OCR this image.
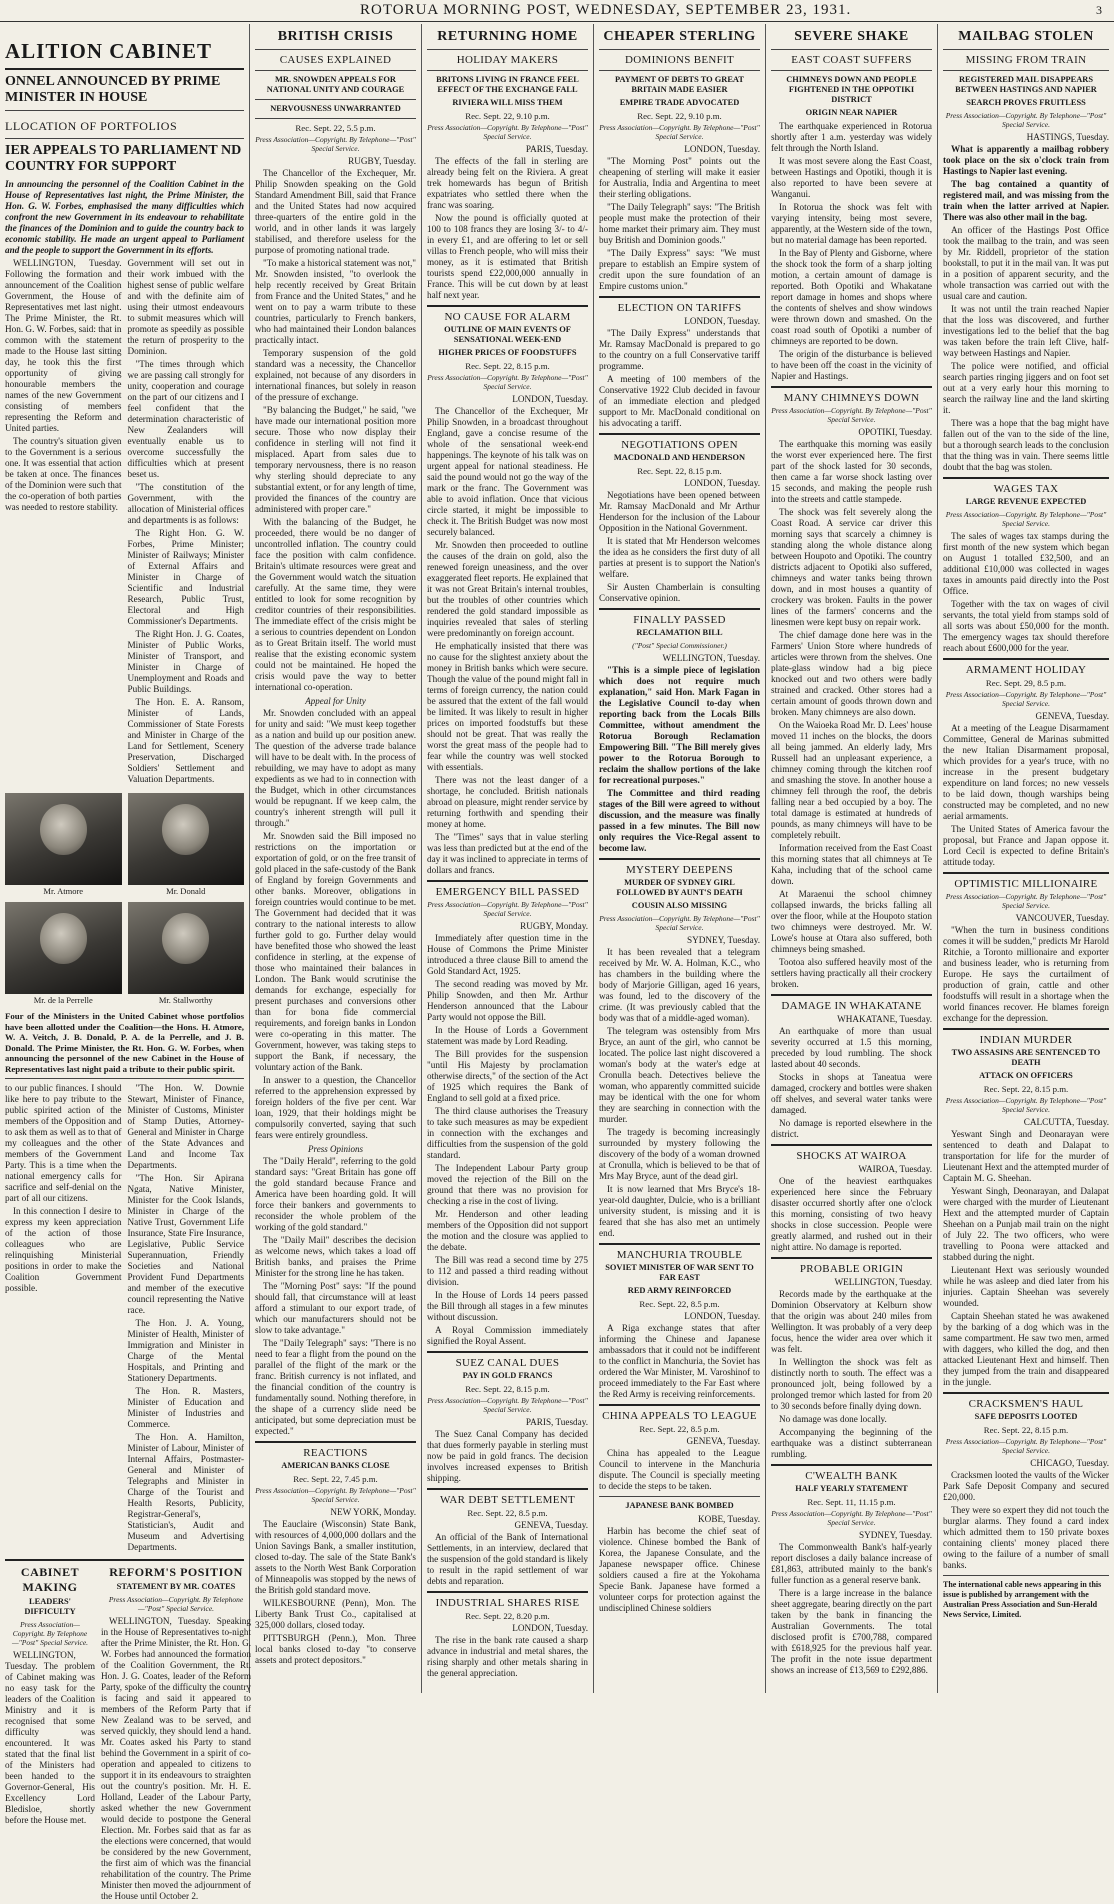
ROTORUA MORNING POST, WEDNESDAY, SEPTEMBER 23, 1931.	3
ALITION CABINET
ONNEL ANNOUNCED BY PRIME MINISTER IN HOUSE
LLOCATION OF PORTFOLIOS
IER APPEALS TO PARLIAMENT ND COUNTRY FOR SUPPORT

In announcing the personnel of the Coalition Cabinet in the House of Representatives last night, the Prime Minister, the Hon. G. W. Forbes, emphasised the many difficulties which confront the new Government in its endeavour to rehabilitate the finances of the Dominion and to guide the country back to economic stability. He made an urgent appeal to Parliament and the people to support the Government in its efforts.

WELLINGTON, Tuesday. Following the formation and announcement of the Coalition Government, the House of Representatives met last night. The Prime Minister, the Rt. Hon. G. W. Forbes, said: that in common with the statement made to the House last sitting day, he took this the first opportunity of giving honourable members the names of the new Government consisting of members representing the Reform and United parties.

The country's situation given to the Government is a serious one. It was essential that action be taken at once. The finances of the Dominion were such that the co-operation of both parties was needed to restore stability.

Government will set out in their work imbued with the highest sense of public welfare and with the definite aim of using their utmost endeavours to submit measures which will promote as speedily as possible the return of prosperity to the Dominion.

"The times through which we are passing call strongly for unity, cooperation and courage on the part of our citizens and I feel confident that the determination characteristic of New Zealanders will eventually enable us to overcome successfully the difficulties which at present beset us.

"The constitution of the Government, with the allocation of Ministerial offices and departments is as follows:

The Right Hon. G. W. Forbes, Prime Minister; Minister of Railways; Minister of External Affairs and Minister in Charge of Scientific and Industrial Research, Public Trust, Electoral and High Commissioner's Departments.

The Right Hon. J. G. Coates, Minister of Public Works, Minister of Transport, and Minister in Charge of Unemployment and Roads and Public Buildings.

The Hon. E. A. Ransom, Minister of Lands, Commissioner of State Forests and Minister in Charge of the Land for Settlement, Scenery Preservation, Discharged Soldiers' Settlement and Valuation Departments.

Mr. Atmore	Mr. Donald
Mr. de la Perrelle	Mr. Stallworthy
Four of the Ministers in the United Cabinet whose portfolios have been allotted under the Coalition—the Hons. H. Atmore, W. A. Veitch, J. B. Donald, P. A. de la Perrelle, and J. B. Donald. The Prime Minister, the Rt. Hon. G. W. Forbes, when announcing the personnel of the new Cabinet in the House of Representatives last night paid a tribute to their public spirit.

to our public finances. I should like here to pay tribute to the public spirited action of the members of the Opposition and to ask them as well as to that of my colleagues and the other members of the Government Party. This is a time when the national emergency calls for sacrifice and self-denial on the part of all our citizens.

In this connection I desire to express my keen appreciation of the action of those colleagues who are relinquishing Ministerial positions in order to make the Coalition Government possible.

"The Hon. W. Downie Stewart, Minister of Finance, Minister of Customs, Minister of Stamp Duties, Attorney-General and Minister in Charge of the State Advances and Land and Income Tax Departments.

"The Hon. Sir Apirana Ngata, Native Minister, Minister for the Cook Islands, Minister in Charge of the Native Trust, Government Life Insurance, State Fire Insurance, Legislative, Public Service Superannuation, Friendly Societies and National Provident Fund Departments and member of the executive council representing the Native race.

The Hon. J. A. Young, Minister of Health, Minister of Immigration and Minister in Charge of the Mental Hospitals, and Printing and Stationery Departments.

The Hon. R. Masters, Minister of Education and Minister of Industries and Commerce.

The Hon. A. Hamilton, Minister of Labour, Minister of Internal Affairs, Postmaster-General and Minister of Telegraphs and Minister in Charge of the Tourist and Health Resorts, Publicity, Registrar-General's, Statistician's, Audit and Museum and Advertising Departments.

CABINET MAKING
LEADERS' DIFFICULTY
Press Association—Copyright. By Telephone—"Post" Special Service.

WELLINGTON, Tuesday. The problem of Cabinet making was no easy task for the leaders of the Coalition Ministry and it is recognised that some difficulty was encountered. It was stated that the final list of the Ministers had been handed to the Governor-General, His Excellency Lord Bledisloe, shortly before the House met.

REFORM'S POSITION
STATEMENT BY MR. COATES
Press Association—Copyright. By Telephone—"Post" Special Service.

WELLINGTON, Tuesday. Speaking in the House of Representatives to-night after the Prime Minister, the Rt. Hon. G. W. Forbes had announced the formation of the Coalition Government, the Rt. Hon. J. G. Coates, leader of the Reform Party, spoke of the difficulty the country is facing and said it appeared to members of the Reform Party that if New Zealand was to be served, and served quickly, they should lend a hand. Mr. Coates asked his Party to stand behind the Government in a spirit of co-operation and appealed to citizens to support it in its endeavours to straighten out the country's position. Mr. H. E. Holland, Leader of the Labour Party, asked whether the new Government would decide to postpone the General Election. Mr. Forbes said that as far as the elections were concerned, that would be considered by the new Government, the first aim of which was the financial rehabilitation of the country. The Prime Minister then moved the adjournment of the House until October 2.

BRITISH CRISIS
CAUSES EXPLAINED
MR. SNOWDEN APPEALS FOR NATIONAL UNITY AND COURAGE
NERVOUSNESS UNWARRANTED
Rec. Sept. 22, 5.5 p.m.
Press Association—Copyright. By Telephone—"Post" Special Service.
RUGBY, Tuesday.

The Chancellor of the Exchequer, Mr. Philip Snowden speaking on the Gold Standard Amendment Bill, said that France and the United States had now acquired three-quarters of the entire gold in the world, and in other lands it was largely stabilised, and therefore useless for the purpose of promoting national trade.

"To make a historical statement was not," Mr. Snowden insisted, "to overlook the help recently received by Great Britain from France and the United States," and he went on to pay a warm tribute to these countries, particularly to French bankers, who had maintained their London balances practically intact.

Temporary suspension of the gold standard was a necessity, the Chancellor explained, not because of any disorders in international finances, but solely in reason of the pressure of exchange.

"By balancing the Budget," he said, "we have made our international position more secure. Those who now display their confidence in sterling will not find it misplaced. Apart from sales due to temporary nervousness, there is no reason why sterling should depreciate to any substantial extent, or for any length of time, provided the finances of the country are administered with proper care."

With the balancing of the Budget, he proceeded, there would be no danger of uncontrolled inflation. The country could face the position with calm confidence. Britain's ultimate resources were great and the Government would watch the situation carefully. At the same time, they were entitled to look for some recognition by creditor countries of their responsibilities. The immediate effect of the crisis might be a serious to countries dependent on London as to Great Britain itself. The world must realise that the existing economic system could not be maintained. He hoped the crisis would pave the way to better international co-operation.

Appeal for Unity

Mr. Snowden concluded with an appeal for unity and said: "We must keep together as a nation and build up our position anew. The question of the adverse trade balance will have to be dealt with. In the process of rebuilding, we may have to adopt as many expedients as we had to in connection with the Budget, which in other circumstances would be repugnant. If we keep calm, the country's inherent strength will pull it through."

Mr. Snowden said the Bill imposed no restrictions on the importation or exportation of gold, or on the free transit of gold placed in the safe-custody of the Bank of England by foreign Governments and other banks. Moreover, obligations in foreign countries would continue to be met. The Government had decided that it was contrary to the national interests to allow further gold to go. Further delay would have benefited those who showed the least confidence in sterling, at the expense of those who maintained their balances in London. The Bank would scrutinise the demands for exchange, especially for present purchases and conversions other than for bona fide commercial requirements, and foreign banks in London were co-operating in this matter. The Government, however, was taking steps to support the Bank, if necessary, the voluntary action of the Bank.

In answer to a question, the Chancellor referred to the apprehension expressed by foreign holders of the five per cent. War loan, 1929, that their holdings might be compulsorily converted, saying that such fears were entirely groundless.

Press Opinions

The "Daily Herald", referring to the gold standard says: "Great Britain has gone off the gold standard because France and America have been hoarding gold. It will force their bankers and governments to reconsider the whole problem of the working of the gold standard."

The "Daily Mail" describes the decision as welcome news, which takes a load off British banks, and praises the Prime Minister for the strong line he has taken.

The "Morning Post" says: "If the pound should fall, that circumstance will at least afford a stimulant to our export trade, of which our manufacturers should not be slow to take advantage."

The "Daily Telegraph" says: "There is no need to fear a flight from the pound on the parallel of the flight of the mark or the franc. British currency is not inflated, and the financial condition of the country is fundamentally sound. Nothing therefore, in the shape of a currency slide need be anticipated, but some depreciation must be expected."

REACTIONS
AMERICAN BANKS CLOSE
Rec. Sept. 22, 7.45 p.m.
Press Association—Copyright. By Telephone—"Post" Special Service.
NEW YORK, Monday.

The Eauclaire (Wisconsin) State Bank, with resources of 4,000,000 dollars and the Union Savings Bank, a smaller institution, closed to-day. The sale of the State Bank's assets to the North West Bank Corporation of Minneapolis was stopped by the news of the British gold standard move.

WILKESBOURNE (Penn), Mon. The Liberty Bank Trust Co., capitalised at 325,000 dollars, closed today.

PITTSBURGH (Penn.), Mon. Three local banks closed to-day "to conserve assets and protect depositors."

RETURNING HOME
HOLIDAY MAKERS
BRITONS LIVING IN FRANCE FEEL EFFECT OF THE EXCHANGE FALL
RIVIERA WILL MISS THEM
Rec. Sept. 22, 9.10 p.m.
Press Association—Copyright. By Telephone—"Post" Special Service.
PARIS, Tuesday.

The effects of the fall in sterling are already being felt on the Riviera. A great trek homewards has begun of British expatriates who settled there when the franc was soaring.

Now the pound is officially quoted at 100 to 108 francs they are losing 3/- to 4/- in every £1, and are offering to let or sell villas to French people, who will miss their money, as it is estimated that British tourists spend £22,000,000 annually in France. This will be cut down by at least half next year.

NO CAUSE FOR ALARM
OUTLINE OF MAIN EVENTS OF SENSATIONAL WEEK-END
HIGHER PRICES OF FOODSTUFFS
Rec. Sept. 22, 8.15 p.m.
Press Association—Copyright. By Telephone—"Post" Special Service.
LONDON, Tuesday.

The Chancellor of the Exchequer, Mr Philip Snowden, in a broadcast throughout England, gave a concise resume of the whole of the sensational week-end happenings. The keynote of his talk was on urgent appeal for national steadiness. He said the pound would not go the way of the mark or the franc. The Government was able to avoid inflation. Once that vicious circle started, it might be impossible to check it. The British Budget was now most securely balanced.

Mr. Snowden then proceeded to outline the causes of the drain on gold, also the renewed foreign uneasiness, and the over exaggerated fleet reports. He explained that it was not Great Britain's internal troubles, but the troubles of other countries which rendered the gold standard impossible as inquiries revealed that sales of sterling were predominantly on foreign account.

He emphatically insisted that there was no cause for the slightest anxiety about the money in British banks which were secure. Though the value of the pound might fall in terms of foreign currency, the nation could be assured that the extent of the fall would be limited. It was likely to result in higher prices on imported foodstuffs but these should not be great. That was really the worst the great mass of the people had to fear while the country was well stocked with essentials.

There was not the least danger of a shortage, he concluded. British nationals abroad on pleasure, might render service by returning forthwith and spending their money at home.

The "Times" says that in value sterling was less than predicted but at the end of the day it was inclined to appreciate in terms of dollars and francs.

EMERGENCY BILL PASSED
Press Association—Copyright. By Telephone—"Post" Special Service.
RUGBY, Monday.

Immediately after question time in the House of Commons the Prime Minister introduced a three clause Bill to amend the Gold Standard Act, 1925.

The second reading was moved by Mr. Philip Snowden, and then Mr. Arthur Henderson announced that the Labour Party would not oppose the Bill.

In the House of Lords a Government statement was made by Lord Reading.

The Bill provides for the suspension "until His Majesty by proclamation otherwise directs," of the section of the Act of 1925 which requires the Bank of England to sell gold at a fixed price.

The third clause authorises the Treasury to take such measures as may be expedient in connection with the exchanges and difficulties from the suspension of the gold standard.

The Independent Labour Party group moved the rejection of the Bill on the ground that there was no provision for checking a rise in the cost of living.

Mr. Henderson and other leading members of the Opposition did not support the motion and the closure was applied to the debate.

The Bill was read a second time by 275 to 112 and passed a third reading without division.

In the House of Lords 14 peers passed the Bill through all stages in a few minutes without discussion.

A Royal Commission immediately signified the Royal Assent.

SUEZ CANAL DUES
PAY IN GOLD FRANCS
Rec. Sept. 22, 8.15 p.m.
Press Association—Copyright. By Telephone—"Post" Special Service.
PARIS, Tuesday.

The Suez Canal Company has decided that dues formerly payable in sterling must now be paid in gold francs. The decision involves increased expenses to British shipping.

WAR DEBT SETTLEMENT
Rec. Sept. 22, 8.5 p.m.
GENEVA, Tuesday.

An official of the Bank of International Settlements, in an interview, declared that the suspension of the gold standard is likely to result in the rapid settlement of war debts and reparation.

INDUSTRIAL SHARES RISE
Rec. Sept. 22, 8.20 p.m.
LONDON, Tuesday.

The rise in the bank rate caused a sharp advance in industrial and metal shares, the rising sharply and other metals sharing in the general appreciation.

CHEAPER STERLING
DOMINIONS BENFIT
PAYMENT OF DEBTS TO GREAT BRITAIN MADE EASIER
EMPIRE TRADE ADVOCATED
Rec. Sept. 22, 9.10 p.m.
Press Association—Copyright. By Telephone—"Post" Special Service.
LONDON, Tuesday.

"The Morning Post" points out the cheapening of sterling will make it easier for Australia, India and Argentina to meet their sterling obligations.

"The Daily Telegraph" says: "The British people must make the protection of their home market their primary aim. They must buy British and Dominion goods."

"The Daily Express" says: "We must prepare to establish an Empire system of credit upon the sure foundation of an Empire customs union."

ELECTION ON TARIFFS
LONDON, Tuesday.

"The Daily Express" understands that Mr. Ramsay MacDonald is prepared to go to the country on a full Conservative tariff programme.

A meeting of 100 members of the Conservative 1922 Club decided in favour of an immediate election and pledged support to Mr. MacDonald conditional on his advocating a tariff.

NEGOTIATIONS OPEN
MACDONALD AND HENDERSON
Rec. Sept. 22, 8.15 p.m.
LONDON, Tuesday.

Negotiations have been opened between Mr. Ramsay MacDonald and Mr Arthur Henderson for the inclusion of the Labour Opposition in the National Government.

It is stated that Mr Henderson welcomes the idea as he considers the first duty of all parties at present is to support the Nation's welfare.

Sir Austen Chamberlain is consulting Conservative opinion.

FINALLY PASSED
RECLAMATION BILL
("Post" Special Commissioner.)
WELLINGTON, Tuesday.

"This is a simple piece of legislation which does not require much explanation," said Hon. Mark Fagan in the Legislative Council to-day when reporting back from the Locals Bills Committee, without amendment the Rotorua Borough Reclamation Empowering Bill. "The Bill merely gives power to the Rotorua Borough to reclaim the shallow portions of the lake for recreational purposes."

The Committee and third reading stages of the Bill were agreed to without discussion, and the measure was finally passed in a few minutes. The Bill now only requires the Vice-Regal assent to become law.

MYSTERY DEEPENS
MURDER OF SYDNEY GIRL FOLLOWED BY AUNT'S DEATH
COUSIN ALSO MISSING
Press Association—Copyright. By Telephone—"Post" Special Service.
SYDNEY, Tuesday.

It has been revealed that a telegram received by Mr. W. A. Holman, K.C., who has chambers in the building where the body of Marjorie Gilligan, aged 16 years, was found, led to the discovery of the crime. (It was previously cabled that the body was that of a middle-aged woman).

The telegram was ostensibly from Mrs Bryce, an aunt of the girl, who cannot be located. The police last night discovered a woman's body at the water's edge at Cronulla beach. Detectives believe the woman, who apparently committed suicide may be identical with the one for whom they are searching in connection with the murder.

The tragedy is becoming increasingly surrounded by mystery following the discovery of the body of a woman drowned at Cronulla, which is believed to be that of Mrs May Bryce, aunt of the dead girl.

It is now learned that Mrs Bryce's 18-year-old daughter, Dulcie, who is a brilliant university student, is missing and it is feared that she has also met an untimely end.

MANCHURIA TROUBLE
SOVIET MINISTER OF WAR SENT TO FAR EAST
RED ARMY REINFORCED
Rec. Sept. 22, 8.5 p.m.
LONDON, Tuesday.

A Riga exchange states that after informing the Chinese and Japanese ambassadors that it could not be indifferent to the conflict in Manchuria, the Soviet has ordered the War Minister, M. Varoshinof to proceed immediately to the Far East where the Red Army is receiving reinforcements.

CHINA APPEALS TO LEAGUE
Rec. Sept. 22, 8.5 p.m.
GENEVA, Tuesday.

China has appealed to the League Council to intervene in the Manchuria dispute. The Council is specially meeting to decide the steps to be taken.

JAPANESE BANK BOMBED
KOBE, Tuesday.

Harbin has become the chief seat of violence. Chinese bombed the Bank of Korea, the Japanese Consulate, and the Japanese newspaper office. Chinese soldiers caused a fire at the Yokohama Specie Bank. Japanese have formed a volunteer corps for protection against the undisciplined Chinese soldiers

SEVERE SHAKE
EAST COAST SUFFERS
CHIMNEYS DOWN AND PEOPLE FIGHTENED IN THE OPPOTIKI DISTRICT
ORIGIN NEAR NAPIER

The earthquake experienced in Rotorua shortly after 1 a.m. yesterday was widely felt through the North Island.

It was most severe along the East Coast, between Hastings and Opotiki, though it is also reported to have been severe at Wanganui.

In Rotorua the shock was felt with varying intensity, being most severe, apparently, at the Western side of the town, but no material damage has been reported.

In the Bay of Plenty and Gisborne, where the shock took the form of a sharp jolting motion, a certain amount of damage is reported. Both Opotiki and Whakatane report damage in homes and shops where the contents of shelves and show windows were thrown down and smashed. On the coast road south of Opotiki a number of chimneys are reported to be down.

The origin of the disturbance is believed to have been off the coast in the vicinity of Napier and Hastings.

MANY CHIMNEYS DOWN
Press Association—Copyright. By Telephone—"Post" Special Service.
OPOTIKI, Tuesday.

The earthquake this morning was easily the worst ever experienced here. The first part of the shock lasted for 30 seconds, then came a far worse shock lasting over 15 seconds, and making the people rush into the streets and cattle stampede.

The shock was felt severely along the Coast Road. A service car driver this morning says that scarcely a chimney is standing along the whole distance along between Houpoto and Opotiki. The country districts adjacent to Opotiki also suffered, chimneys and water tanks being thrown down, and in most houses a quantity of crockery was broken. Faults in the power lines of the farmers' concerns and the linesmen were kept busy on repair work.

The chief damage done here was in the Farmers' Union Store where hundreds of articles were thrown from the shelves. One plate-glass window had a big piece knocked out and two others were badly strained and cracked. Other stores had a certain amount of goods thrown down and broken. Many chimneys are also down.

On the Waioeka Road Mr. D. Lees' house moved 11 inches on the blocks, the doors all being jammed. An elderly lady, Mrs Russell had an unpleasant experience, a chimney coming through the kitchen roof and smashing the stove. In another house a chimney fell through the roof, the debris falling near a bed occupied by a boy. The total damage is estimated at hundreds of pounds, as many chimneys will have to be completely rebuilt.

Information received from the East Coast this morning states that all chimneys at Te Kaha, including that of the school came down.

At Maraenui the school chimney collapsed inwards, the bricks falling all over the floor, while at the Houpoto station two chimneys were destroyed. Mr. W. Lowe's house at Otara also suffered, both chimneys being smashed.

Tootoa also suffered heavily most of the settlers having practically all their crockery broken.

DAMAGE IN WHAKATANE
WHAKATANE, Tuesday.

An earthquake of more than usual severity occurred at 1.5 this morning, preceded by loud rumbling. The shock lasted about 40 seconds.

Stocks in shops at Taneatua were damaged, crockery and bottles were shaken off shelves, and several water tanks were damaged.

No damage is reported elsewhere in the district.

SHOCKS AT WAIROA
WAIROA, Tuesday.

One of the heaviest earthquakes experienced here since the February disaster occurred shortly after one o'clock this morning, consisting of two heavy shocks in close succession. People were greatly alarmed, and rushed out in their night attire. No damage is reported.

PROBABLE ORIGIN
WELLINGTON, Tuesday.

Records made by the earthquake at the Dominion Observatory at Kelburn show that the origin was about 240 miles from Wellington. It was probably of a very deep focus, hence the wider area over which it was felt.

In Wellington the shock was felt as distinctly north to south. The effect was a pronounced jolt, being followed by a prolonged tremor which lasted for from 20 to 30 seconds before finally dying down.

No damage was done locally.

Accompanying the beginning of the earthquake was a distinct subterranean rumbling.

C'WEALTH BANK
HALF YEARLY STATEMENT
Rec. Sept. 11, 11.15 p.m.
Press Association—Copyright. By Telephone—"Post" Special Service.
SYDNEY, Tuesday.

The Commonwealth Bank's half-yearly report discloses a daily balance increase of £81,863, attributed mainly to the bank's fuller function as a general reserve bank.

There is a large increase in the balance sheet aggregate, bearing directly on the part taken by the bank in financing the Australian Governments. The total disclosed profit is £700,788, compared with £618,925 for the previous half year. The profit in the note issue department shows an increase of £13,569 to £292,886.

MAILBAG STOLEN
MISSING FROM TRAIN
REGISTERED MAIL DISAPPEARS BETWEEN HASTINGS AND NAPIER
SEARCH PROVES FRUITLESS
Press Association—Copyright. By Telephone—"Post" Special Service.
HASTINGS, Tuesday.

What is apparently a mailbag robbery took place on the six o'clock train from Hastings to Napier last evening.

The bag contained a quantity of registered mail, and was missing from the train when the latter arrived at Napier. There was also other mail in the bag.

An officer of the Hastings Post Office took the mailbag to the train, and was seen by Mr. Riddell, proprietor of the station bookstall, to put it in the mail van. It was put in a position of apparent security, and the whole transaction was carried out with the usual care and caution.

It was not until the train reached Napier that the loss was discovered, and further investigations led to the belief that the bag was taken before the train left Clive, half-way between Hastings and Napier.

The police were notified, and official search parties ringing jiggers and on foot set out at a very early hour this morning to search the railway line and the land skirting it.

There was a hope that the bag might have fallen out of the van to the side of the line, but a thorough search leads to the conclusion that the thing was in vain. There seems little doubt that the bag was stolen.

WAGES TAX
LARGE REVENUE EXPECTED
Press Association—Copyright. By Telephone—"Post" Special Service.

The sales of wages tax stamps during the first month of the new system which began on August 1 totalled £32,500, and an additional £10,000 was collected in wages taxes in amounts paid directly into the Post Office.

Together with the tax on wages of civil servants, the total yield from stamps sold of all sorts was about £50,000 for the month. The emergency wages tax should therefore reach about £600,000 for the year.

ARMAMENT HOLIDAY
Rec. Sept. 29, 8.5 p.m.
Press Association—Copyright. By Telephone—"Post" Special Service.
GENEVA, Tuesday.

At a meeting of the League Disarmament Committee, General de Marinas submitted the new Italian Disarmament proposal, which provides for a year's truce, with no increase in the present budgetary expenditure on land forces; no new vessels to be laid down, though warships being constructed may be completed, and no new aerial armaments.

The United States of America favour the proposal, but France and Japan oppose it. Lord Cecil is expected to define Britain's attitude today.

OPTIMISTIC MILLIONAIRE
Press Association—Copyright. By Telephone—"Post" Special Service.
VANCOUVER, Tuesday.

"When the turn in business conditions comes it will be sudden," predicts Mr Harold Ritchie, a Toronto millionaire and exporter and business leader, who is returning from Europe. He says the curtailment of production of grain, cattle and other foodstuffs will result in a shortage when the world finances recover. He blames foreign exchange for the depression.

INDIAN MURDER
TWO ASSASINS ARE SENTENCED TO DEATH
ATTACK ON OFFICERS
Rec. Sept. 22, 8.15 p.m.
Press Association—Copyright. By Telephone—"Post" Special Service.
CALCUTTA, Tuesday.

Yeswant Singh and Deonarayan were sentenced to death and Dalapat to transportation for life for the murder of Lieutenant Hext and the attempted murder of Captain M. G. Sheehan.

Yeswant Singh, Deonarayan, and Dalapat were charged with the murder of Lieutenant Hext and the attempted murder of Captain Sheehan on a Punjab mail train on the night of July 22. The two officers, who were travelling to Poona were attacked and stabbed during the night.

Lieutenant Hext was seriously wounded while he was asleep and died later from his injuries. Captain Sheehan was severely wounded.

Captain Sheehan stated he was awakened by the barking of a dog which was in the same compartment. He saw two men, armed with daggers, who killed the dog, and then attacked Lieutenant Hext and himself. Then they jumped from the train and disappeared in the jungle.

CRACKSMEN'S HAUL
SAFE DEPOSITS LOOTED
Rec. Sept. 22, 8.15 p.m.
Press Association—Copyright. By Telephone—"Post" Special Service.
CHICAGO, Tuesday.

Cracksmen looted the vaults of the Wicker Park Safe Deposit Company and secured £20,000.

They were so expert they did not touch the burglar alarms. They found a card index which admitted them to 150 private boxes containing clients' money placed there owing to the failure of a number of small banks.

The international cable news appearing in this issue is published by arrangement with the Australian Press Association and Sun-Herald News Service, Limited.
